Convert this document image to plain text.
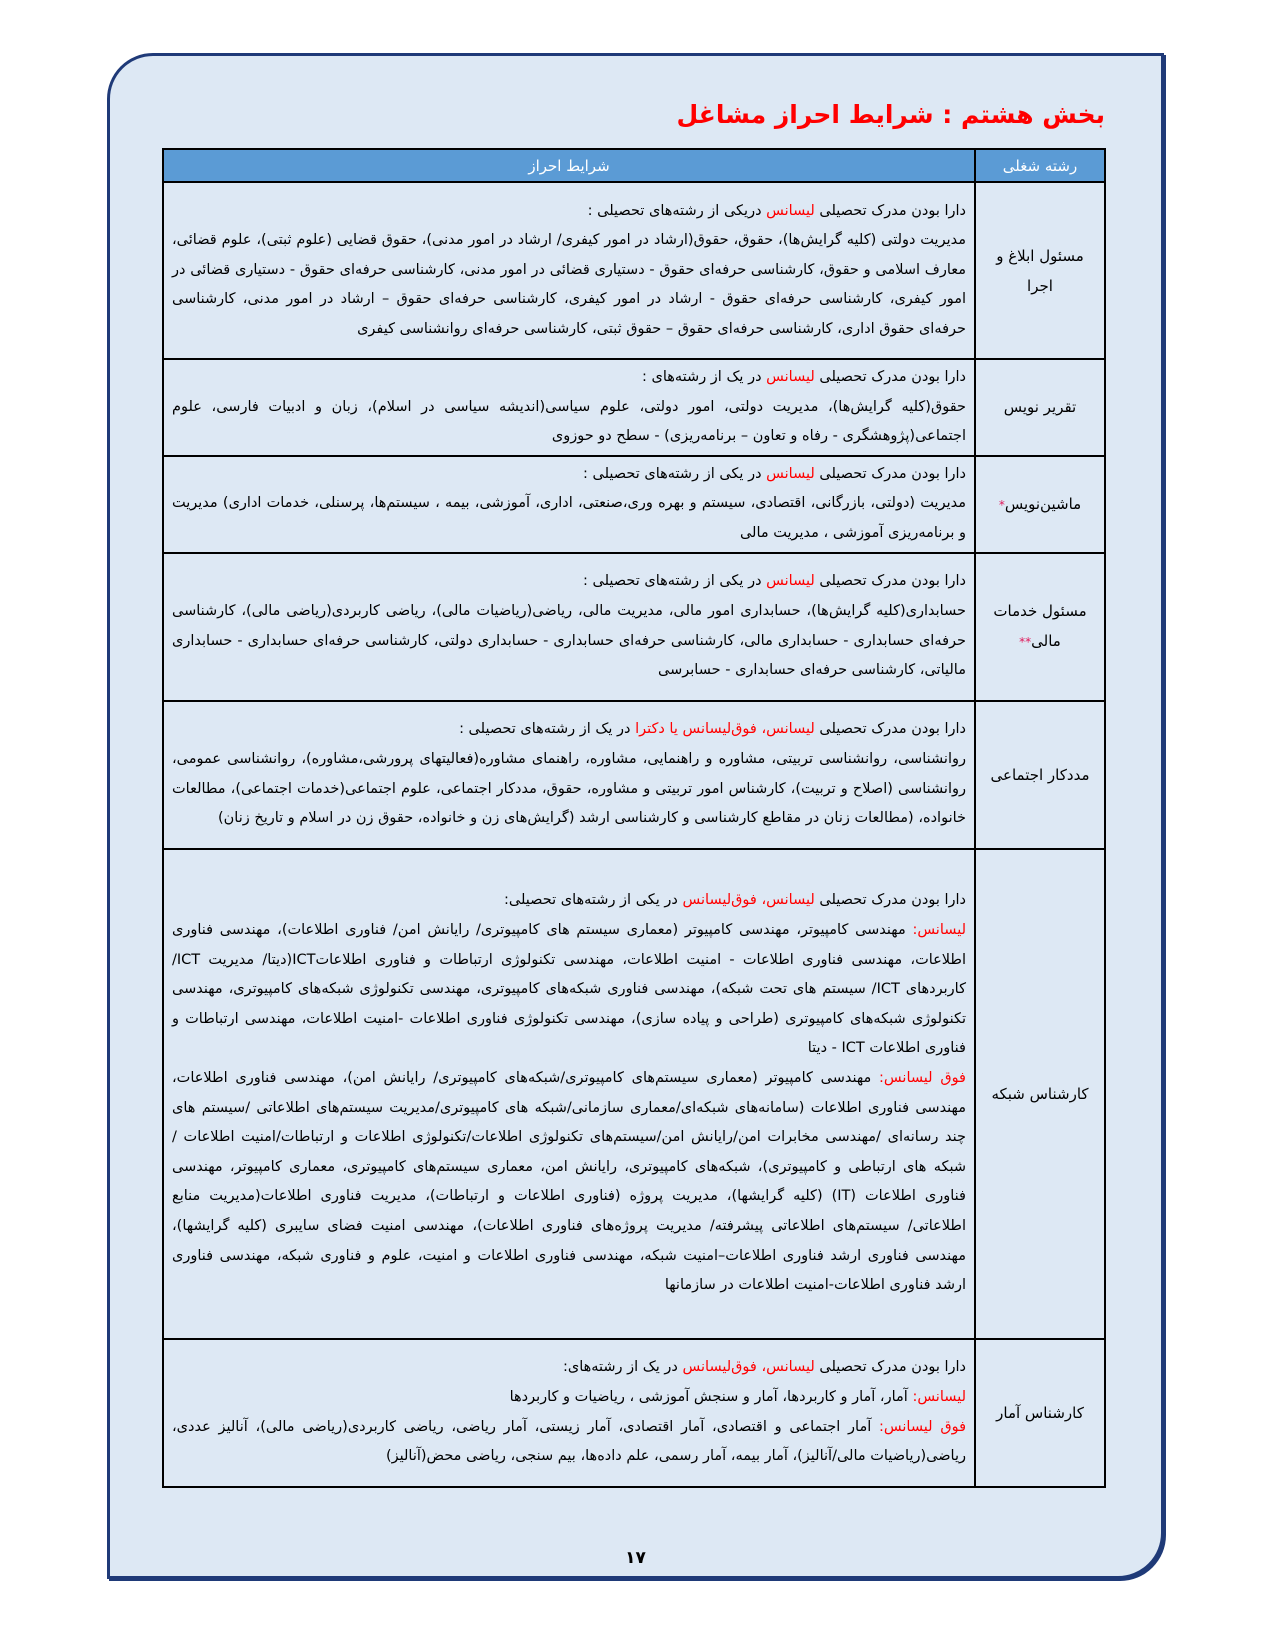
بخش هشتم : شرایط احراز مشاغل
رشته شغلی	شرایط احراز
مسئول ابلاغ و اجرا	دارا بودن مدرک تحصیلی لیسانس دریکی از رشته‌های تحصیلی :
مدیریت دولتی (کلیه گرایش‌ها)، حقوق، حقوق(ارشاد در امور کیفری/ ارشاد در امور مدنی)، حقوق قضایی (علوم ثبتی)، علوم قضائی، معارف اسلامی و حقوق، کارشناسی حرفه‌ای حقوق - دستیاری قضائی در امور مدنی، کارشناسی حرفه‌ای حقوق - دستیاری قضائی در امور کیفری، کارشناسی حرفه‌ای حقوق - ارشاد در امور کیفری، کارشناسی حرفه‌ای حقوق – ارشاد در امور مدنی، کارشناسی حرفه‌ای حقوق اداری، کارشناسی حرفه‌ای حقوق – حقوق ثبتی، کارشناسی حرفه‌ای روانشناسی کیفری
تقریر نویس	دارا بودن مدرک تحصیلی لیسانس در یک از رشته‌های :
حقوق(کلیه گرایش‌ها)، مدیریت دولتی، امور دولتی، علوم سیاسی(اندیشه سیاسی در اسلام)، زبان و ادبیات فارسی، علوم اجتماعی(پژوهشگری - رفاه و تعاون – برنامه‌ریزی) - سطح دو حوزوی
ماشین‌نویس*	دارا بودن مدرک تحصیلی لیسانس در یکی از رشته‌های تحصیلی :
مدیریت (دولتی، بازرگانی، اقتصادی، سیستم و بهره وری،صنعتی، اداری، آموزشی، بیمه ، سیستم‌ها، پرسنلی، خدمات اداری) مدیریت و برنامه‌ریزی آموزشی ، مدیریت مالی
مسئول خدمات مالی**	دارا بودن مدرک تحصیلی لیسانس در یکی از رشته‌های تحصیلی :
حسابداری(کلیه گرایش‌ها)، حسابداری امور مالی، مدیریت مالی، ریاضی(ریاضیات مالی)، ریاضی کاربردی(ریاضی مالی)، کارشناسی حرفه‌ای حسابداری - حسابداری مالی، کارشناسی حرفه‌ای حسابداری - حسابداری دولتی، کارشناسی حرفه‌ای حسابداری - حسابداری مالیاتی، کارشناسی حرفه‌ای حسابداری - حسابرسی
مددکار اجتماعی	دارا بودن مدرک تحصیلی لیسانس، فوق‌لیسانس یا دکترا در یک از رشته‌های تحصیلی :
روانشناسی، روانشناسی تربیتی، مشاوره و راهنمایی، مشاوره، راهنمای مشاوره(فعالیتهای پرورشی،مشاوره)، روانشناسی عمومی، روانشناسی (اصلاح و تربیت)، کارشناس امور تربیتی و مشاوره، حقوق، مددکار اجتماعی، علوم اجتماعی(خدمات اجتماعی)، مطالعات خانواده، (مطالعات زنان در مقاطع کارشناسی و کارشناسی ارشد (گرایش‌های زن و خانواده، حقوق زن در اسلام و تاریخ زنان)
کارشناس شبکه	دارا بودن مدرک تحصیلی لیسانس، فوق‌لیسانس در یکی از رشته‌های تحصیلی:
لیسانس: مهندسی کامپیوتر، مهندسی کامپیوتر (معماری سیستم های کامپیوتری/ رایانش امن/ فناوری اطلاعات)، مهندسی فناوری اطلاعات، مهندسی فناوری اطلاعات - امنیت اطلاعات، مهندسی تکنولوژی ارتباطات و فناوری اطلاعاتICT(دیتا/ مدیریت ICT/کاربردهای ICT/ سیستم های تحت شبکه)، مهندسی فناوری شبکه‌های کامپیوتری، مهندسی تکنولوژی شبکه‌های کامپیوتری، مهندسی تکنولوژی شبکه‌های کامپیوتری (طراحی و پیاده سازی)، مهندسی تکنولوژی فناوری اطلاعات -امنیت اطلاعات، مهندسی ارتباطات و فناوری اطلاعات ICT - دیتا
فوق لیسانس: مهندسی کامپیوتر (معماری سیستم‌های کامپیوتری/شبکه‌های کامپیوتری/ رایانش امن)، مهندسی فناوری اطلاعات، مهندسی فناوری اطلاعات (سامانه‌های شبکه‌ای/معماری سازمانی/شبکه های کامپیوتری/مدیریت سیستم‌های اطلاعاتی /سیستم های چند رسانه‌ای /مهندسی مخابرات امن/رایانش امن/سیستم‌های تکنولوژی اطلاعات/تکنولوژی اطلاعات و ارتباطات/امنیت اطلاعات /شبکه های ارتباطی و کامپیوتری)، شبکه‌های کامپیوتری، رایانش امن، معماری سیستم‌های کامپیوتری، معماری کامپیوتر، مهندسی فناوری اطلاعات (IT) (کلیه گرایشها)، مدیریت پروژه (فناوری اطلاعات و ارتباطات)، مدیریت فناوری اطلاعات(مدیریت منابع اطلاعاتی/ سیستم‌های اطلاعاتی پیشرفته/ مدیریت پروژه‌های فناوری اطلاعات)، مهندسی امنیت فضای سایبری (کلیه گرایشها)، مهندسی فناوری ارشد فناوری اطلاعات–امنیت شبکه، مهندسی فناوری اطلاعات و امنیت، علوم و فناوری شبکه، مهندسی فناوری ارشد فناوری اطلاعات-امنیت اطلاعات در سازمانها

کارشناس آمار	دارا بودن مدرک تحصیلی لیسانس، فوق‌لیسانس در یک از رشته‌های:
لیسانس: آمار، آمار و کاربردها، آمار و سنجش آموزشی ، ریاضیات و کاربردها
فوق لیسانس: آمار اجتماعی و اقتصادی، آمار اقتصادی، آمار زیستی، آمار ریاضی، ریاضی کاربردی(ریاضی مالی)، آنالیز عددی، ریاضی(ریاضیات مالی/آنالیز)، آمار بیمه، آمار رسمی، علم داده‌ها، بیم سنجی، ریاضی محض(آنالیز)
۱۷
